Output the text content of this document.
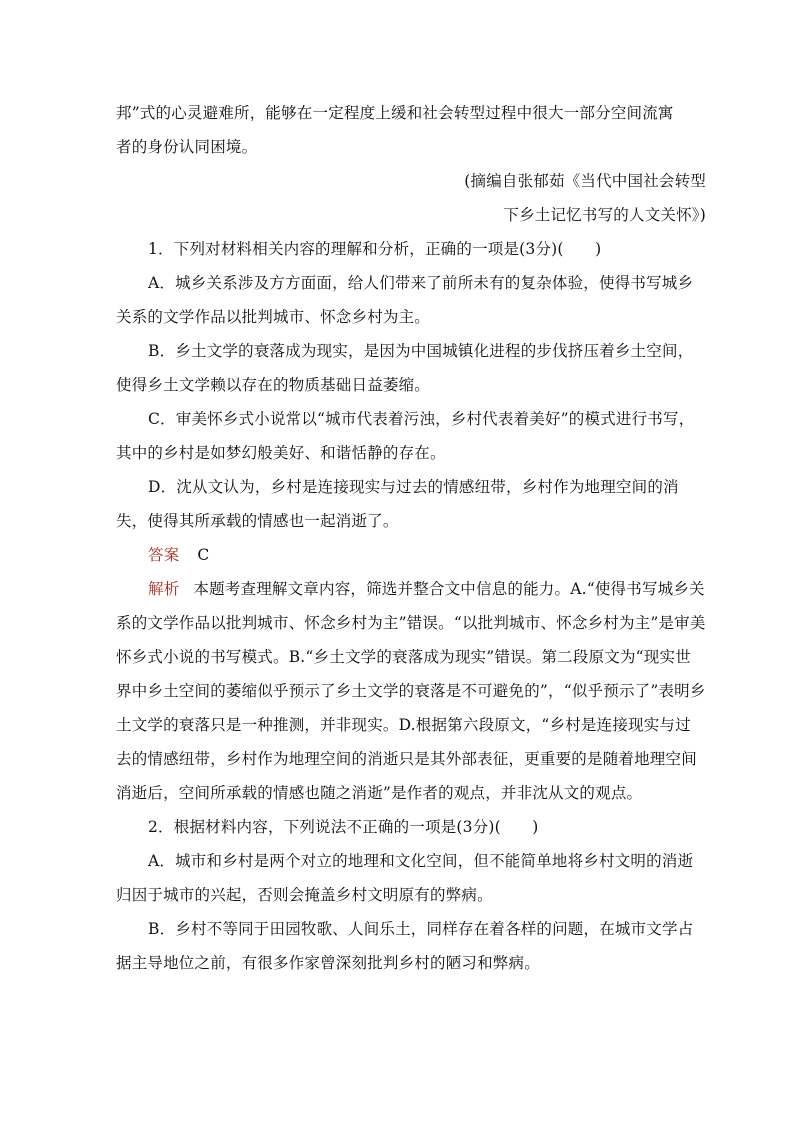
邦”式的心灵避难所，能够在一定程度上缓和社会转型过程中很大一部分空间流寓

者的身份认同困境。

(摘编自张郁茹《当代中国社会转型

下乡土记忆书写的人文关怀》)

1．下列对材料相关内容的理解和分析，正确的一项是(3分)(　　)

A．城乡关系涉及方方面面，给人们带来了前所未有的复杂体验，使得书写城乡关系的文学作品以批判城市、怀念乡村为主。

B．乡土文学的衰落成为现实，是因为中国城镇化进程的步伐挤压着乡土空间，使得乡土文学赖以存在的物质基础日益萎缩。

C．审美怀乡式小说常以“城市代表着污浊，乡村代表着美好”的模式进行书写，其中的乡村是如梦幻般美好、和谐恬静的存在。

D．沈从文认为，乡村是连接现实与过去的情感纽带，乡村作为地理空间的消失，使得其所承载的情感也一起消逝了。

答案 C

解析 本题考查理解文章内容，筛选并整合文中信息的能力。A.“使得书写城乡关系的文学作品以批判城市、怀念乡村为主”错误。“以批判城市、怀念乡村为主”是审美怀乡式小说的书写模式。B.“乡土文学的衰落成为现实”错误。第二段原文为“现实世界中乡土空间的萎缩似乎预示了乡土文学的衰落是不可避免的”，“似乎预示了”表明乡土文学的衰落只是一种推测，并非现实。D.根据第六段原文，“乡村是连接现实与过去的情感纽带，乡村作为地理空间的消逝只是其外部表征，更重要的是随着地理空间消逝后，空间所承载的情感也随之消逝”是作者的观点，并非沈从文的观点。

2．根据材料内容，下列说法不正确的一项是(3分)(　　)

A．城市和乡村是两个对立的地理和文化空间，但不能简单地将乡村文明的消逝归因于城市的兴起，否则会掩盖乡村文明原有的弊病。

B．乡村不等同于田园牧歌、人间乐土，同样存在着各样的问题，在城市文学占据主导地位之前，有很多作家曾深刻批判乡村的陋习和弊病。
